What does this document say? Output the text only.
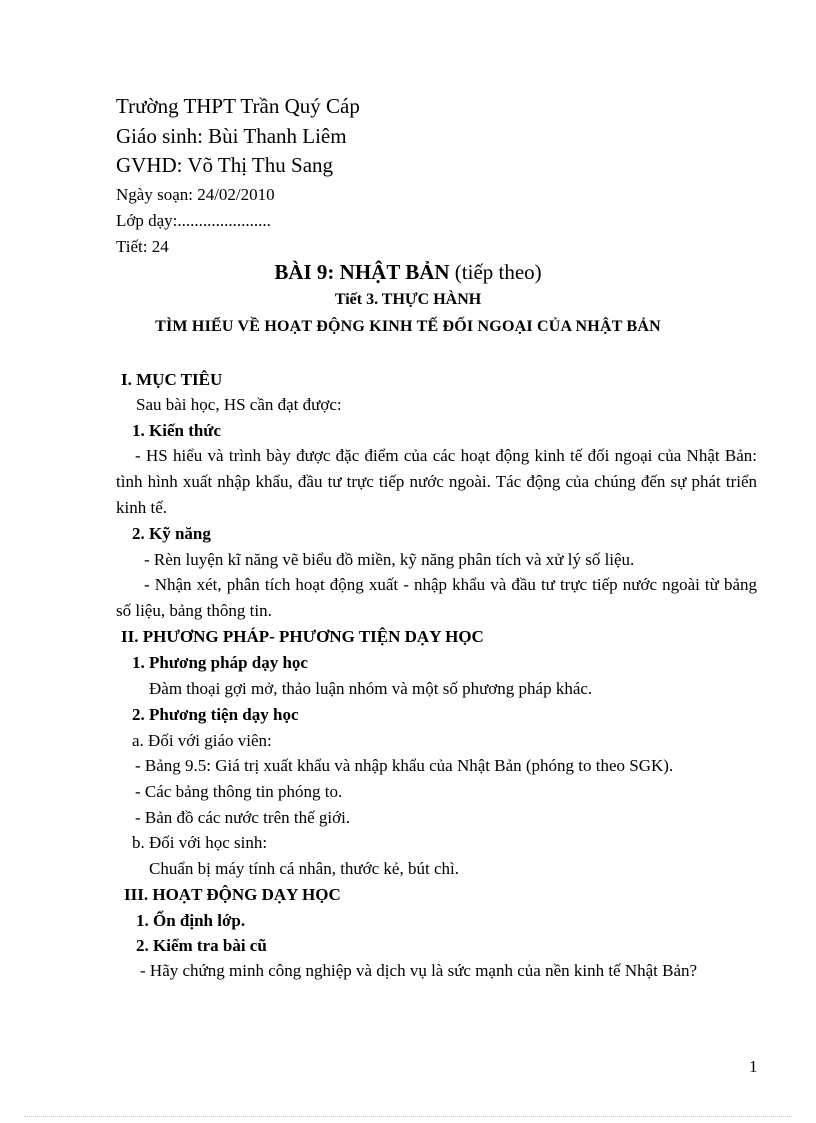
Trường THPT Trần Quý Cáp
Giáo sinh: Bùi Thanh Liêm
GVHD: Võ Thị Thu Sang
Ngày soạn: 24/02/2010
Lớp dạy:......................
Tiết: 24
BÀI 9: NHẬT BẢN (tiếp theo)
Tiết 3. THỰC HÀNH
TÌM HIỂU VỀ HOẠT ĐỘNG KINH TẾ ĐỐI NGOẠI CỦA NHẬT BẢN
I. MỤC TIÊU
Sau bài học, HS cần đạt được:
1. Kiến thức
- HS hiểu và trình bày được đặc điểm của các hoạt động kinh tế đối ngoại của Nhật Bản: tình hình xuất nhập khẩu, đầu tư trực tiếp nước ngoài. Tác động của chúng đến sự phát triển kinh tế.
2. Kỹ năng
- Rèn luyện kĩ năng vẽ biểu đồ miền, kỹ năng phân tích và xử lý số liệu.
- Nhận xét, phân tích hoạt động xuất - nhập khẩu và đầu tư trực tiếp nước ngoài từ bảng số liệu, bảng thông tin.
II. PHƯƠNG PHÁP- PHƯƠNG TIỆN DẠY HỌC
1. Phương pháp dạy học
Đàm thoại gợi mở, thảo luận nhóm và một số phương pháp khác.
2. Phương tiện dạy học
a. Đối với giáo viên:
- Bảng 9.5: Giá trị xuất khẩu và nhập khẩu của Nhật Bản (phóng to theo SGK).
- Các bảng thông tin phóng to.
- Bản đồ các nước trên thế giới.
b. Đối với học sinh:
Chuẩn bị máy tính cá nhân, thước kẻ, bút chì.
III. HOẠT ĐỘNG DẠY HỌC
1. Ổn định lớp.
2. Kiểm tra bài cũ
- Hãy chứng minh công nghiệp và dịch vụ là sức mạnh của nền kinh tế Nhật Bản?
1
